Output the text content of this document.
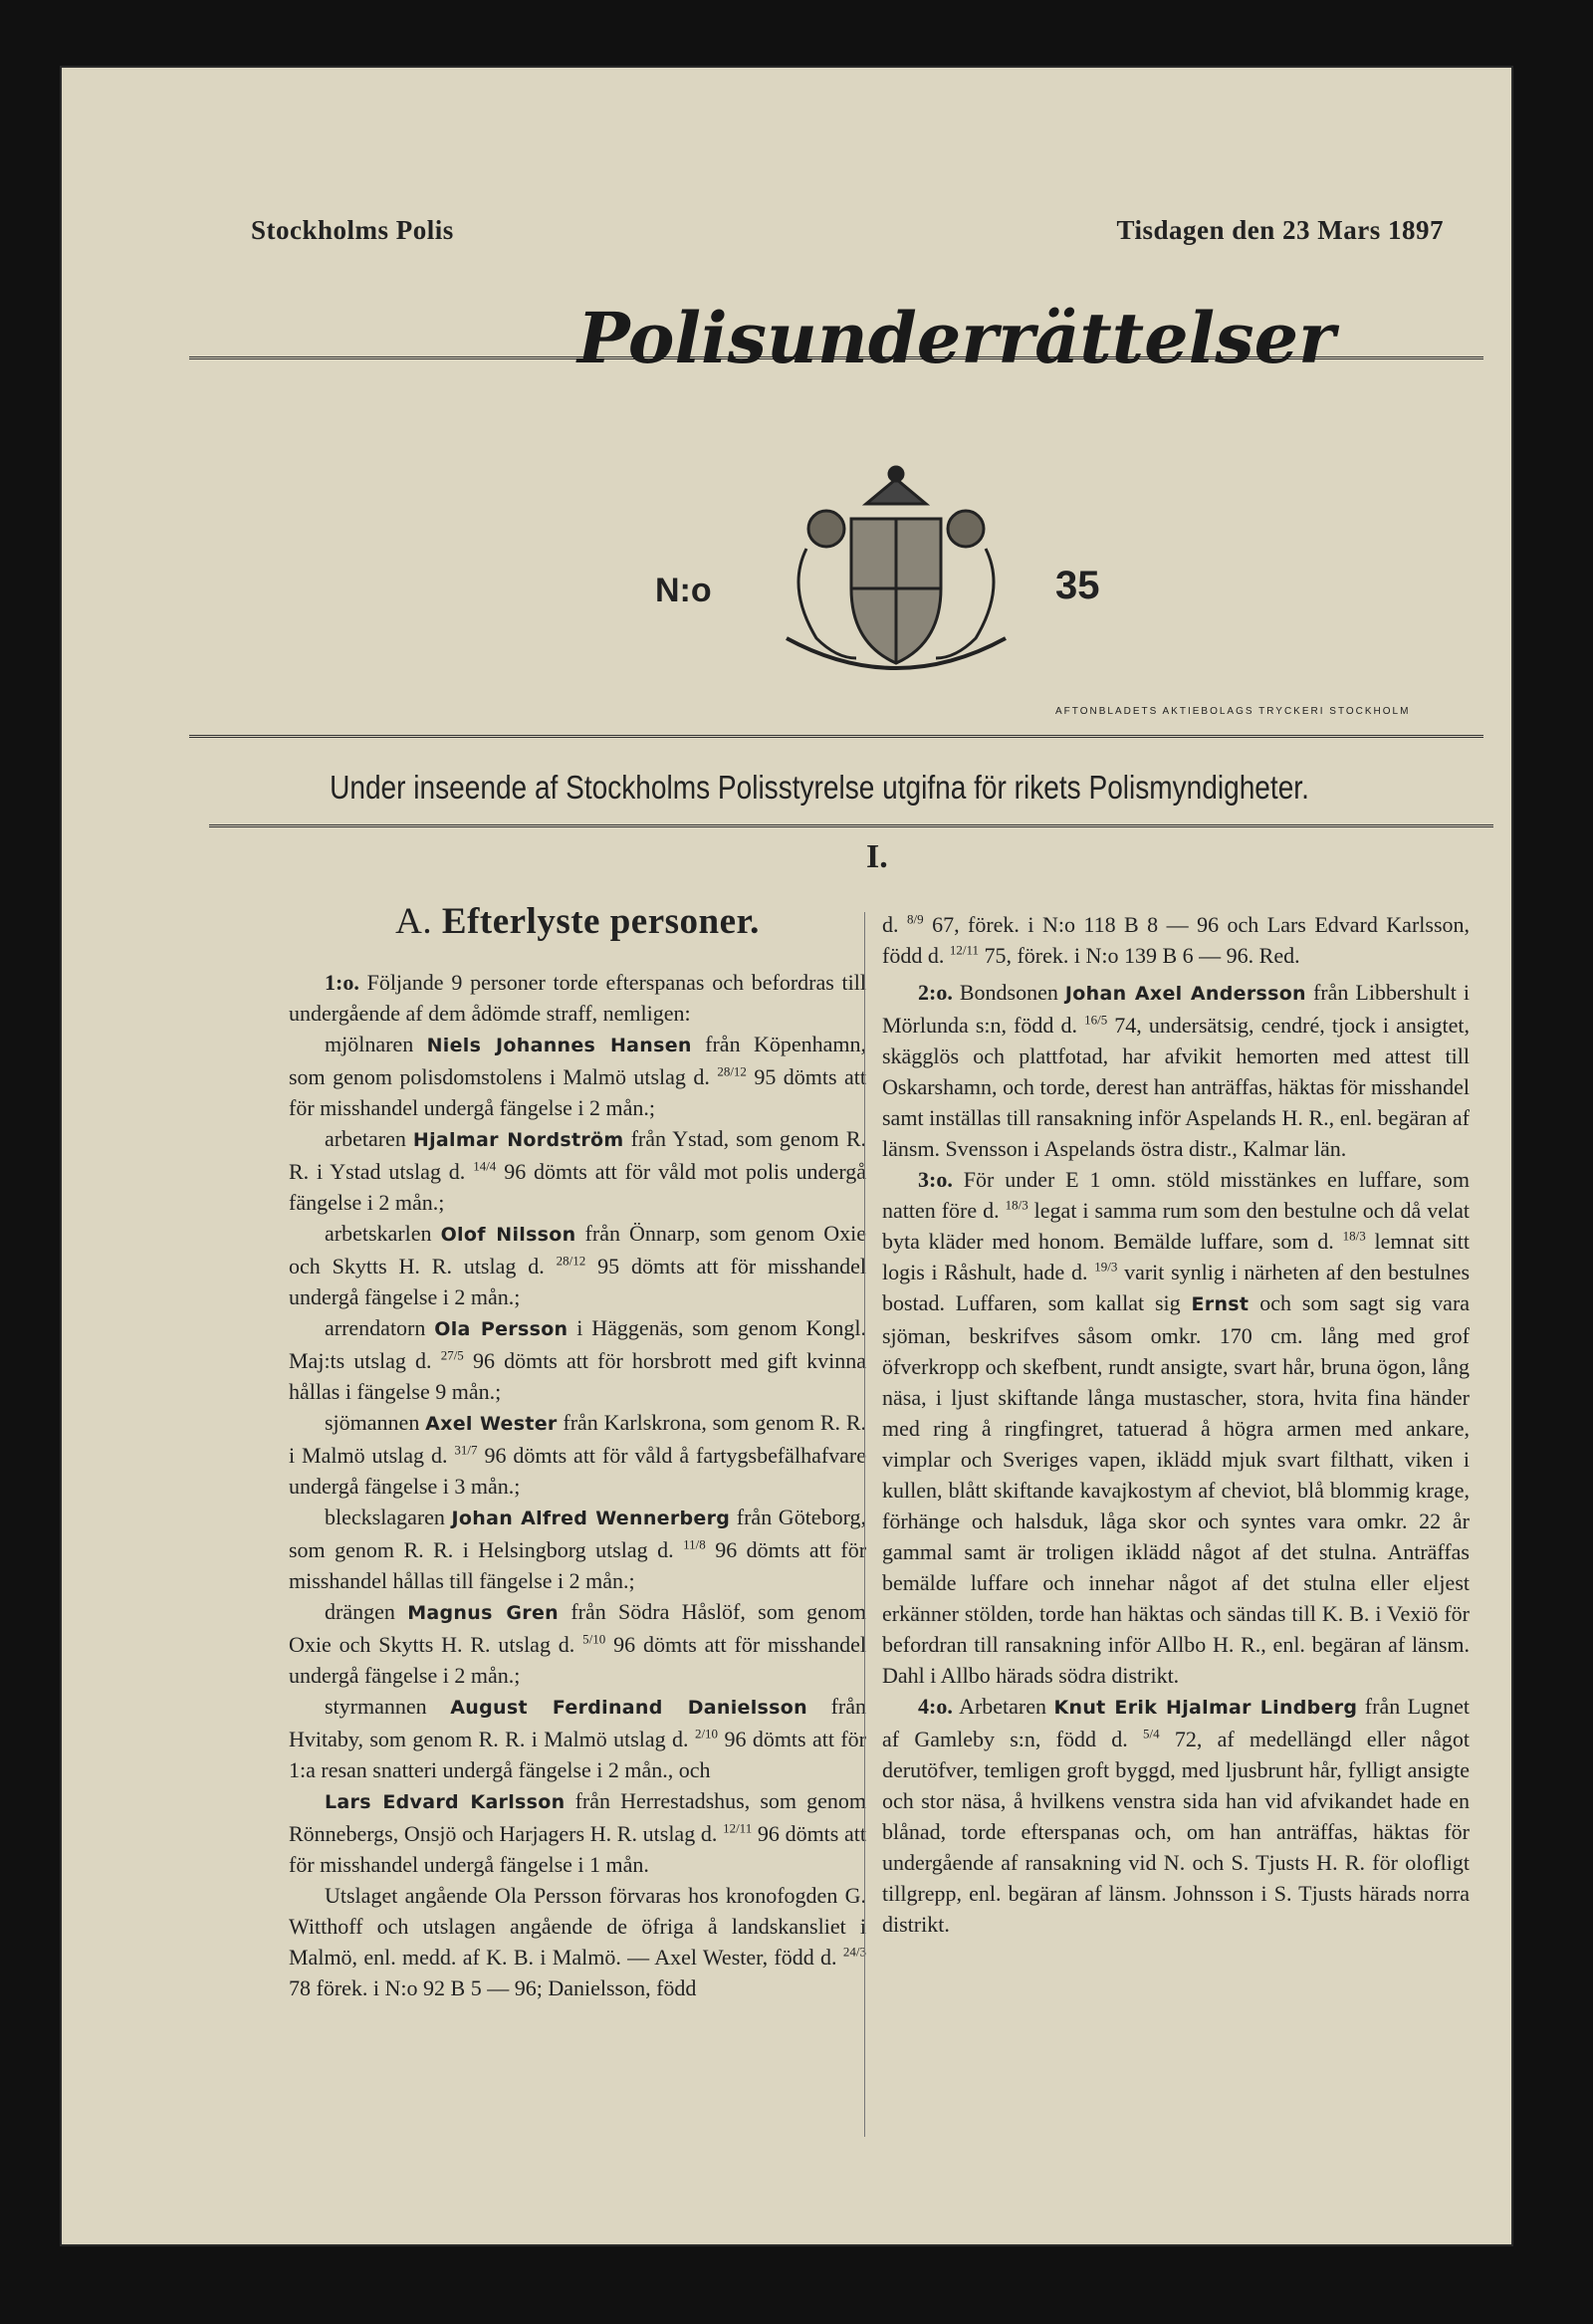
Stockholms Polis	Tisdagen den 23 Mars 1897
Polisunderrättelser
N:o	35
AFTONBLADETS AKTIEBOLAGS TRYCKERI STOCKHOLM
Under inseende af Stockholms Polisstyrelse utgifna för rikets Polismyndigheter.
I.
A. Efterlyste personer.

1:o. Följande 9 personer torde efterspanas och befordras till undergående af dem ådömde straff, nemligen:

mjölnaren Niels Johannes Hansen från Köpenhamn, som genom polisdomstolens i Malmö utslag d. $^{28/12}$ 95 dömts att för misshandel undergå fängelse i 2 mån.;

arbetaren Hjalmar Nordström från Ystad, som genom R. R. i Ystad utslag d. $^{14/4}$ 96 dömts att för våld mot polis undergå fängelse i 2 mån.;

arbetskarlen Olof Nilsson från Önnarp, som genom Oxie och Skytts H. R. utslag d. $^{28/12}$ 95 dömts att för misshandel undergå fängelse i 2 mån.;

arrendatorn Ola Persson i Häggenäs, som genom Kongl. Maj:ts utslag d. $^{27/5}$ 96 dömts att för horsbrott med gift kvinna hållas i fängelse 9 mån.;

sjömannen Axel Wester från Karlskrona, som genom R. R. i Malmö utslag d. $^{31/7}$ 96 dömts att för våld å fartygsbefälhafvare undergå fängelse i 3 mån.;

bleckslagaren Johan Alfred Wennerberg från Göteborg, som genom R. R. i Helsingborg utslag d. $^{11/8}$ 96 dömts att för misshandel hållas till fängelse i 2 mån.;

drängen Magnus Gren från Södra Håslöf, som genom Oxie och Skytts H. R. utslag d. $^{5/10}$ 96 dömts att för misshandel undergå fängelse i 2 mån.;

styrmannen August Ferdinand Danielsson från Hvitaby, som genom R. R. i Malmö utslag d. $^{2/10}$ 96 dömts att för 1:a resan snatteri undergå fängelse i 2 mån., och

Lars Edvard Karlsson från Herrestadshus, som genom Rönnebergs, Onsjö och Harjagers H. R. utslag d. $^{12/11}$ 96 dömts att för misshandel undergå fängelse i 1 mån.

Utslaget angående Ola Persson förvaras hos kronofogden G. Witthoff och utslagen angående de öfriga å landskansliet i Malmö, enl. medd. af K. B. i Malmö. — Axel Wester, född d. $^{24/3}$ 78 förek. i N:o 92 B 5 — 96; Danielsson, född

d. $^{8/9}$ 67, förek. i N:o 118 B 8 — 96 och Lars Edvard Karlsson, född d. $^{12/11}$ 75, förek. i N:o 139 B 6 — 96. Red.

2:o. Bondsonen Johan Axel Andersson från Libbershult i Mörlunda s:n, född d. $^{16/5}$ 74, undersätsig, cendré, tjock i ansigtet, skägglös och plattfotad, har afvikit hemorten med attest till Oskarshamn, och torde, derest han anträffas, häktas för misshandel samt inställas till ransakning inför Aspelands H. R., enl. begäran af länsm. Svensson i Aspelands östra distr., Kalmar län.

3:o. För under E 1 omn. stöld misstänkes en luffare, som natten före d. $^{18/3}$ legat i samma rum som den bestulne och då velat byta kläder med honom. Bemälde luffare, som d. $^{18/3}$ lemnat sitt logis i Råshult, hade d. $^{19/3}$ varit synlig i närheten af den bestulnes bostad. Luffaren, som kallat sig Ernst och som sagt sig vara sjöman, beskrifves såsom omkr. 170 cm. lång med grof öfverkropp och skefbent, rundt ansigte, svart hår, bruna ögon, lång näsa, i ljust skiftande långa mustascher, stora, hvita fina händer med ring å ringfingret, tatuerad å högra armen med ankare, vimplar och Sveriges vapen, iklädd mjuk svart filthatt, viken i kullen, blått skiftande kavajkostym af cheviot, blå blommig krage, förhänge och halsduk, låga skor och syntes vara omkr. 22 år gammal samt är troligen iklädd något af det stulna. Anträffas bemälde luffare och innehar något af det stulna eller eljest erkänner stölden, torde han häktas och sändas till K. B. i Vexiö för befordran till ransakning inför Allbo H. R., enl. begäran af länsm. Dahl i Allbo härads södra distrikt.

4:o. Arbetaren Knut Erik Hjalmar Lindberg från Lugnet af Gamleby s:n, född d. $^{5/4}$ 72, af medellängd eller något derutöfver, temligen groft byggd, med ljusbrunt hår, fylligt ansigte och stor näsa, å hvilkens venstra sida han vid afvikandet hade en blånad, torde efterspanas och, om han anträffas, häktas för undergående af ransakning vid N. och S. Tjusts H. R. för olofligt tillgrepp, enl. begäran af länsm. Johnsson i S. Tjusts härads norra distrikt.
